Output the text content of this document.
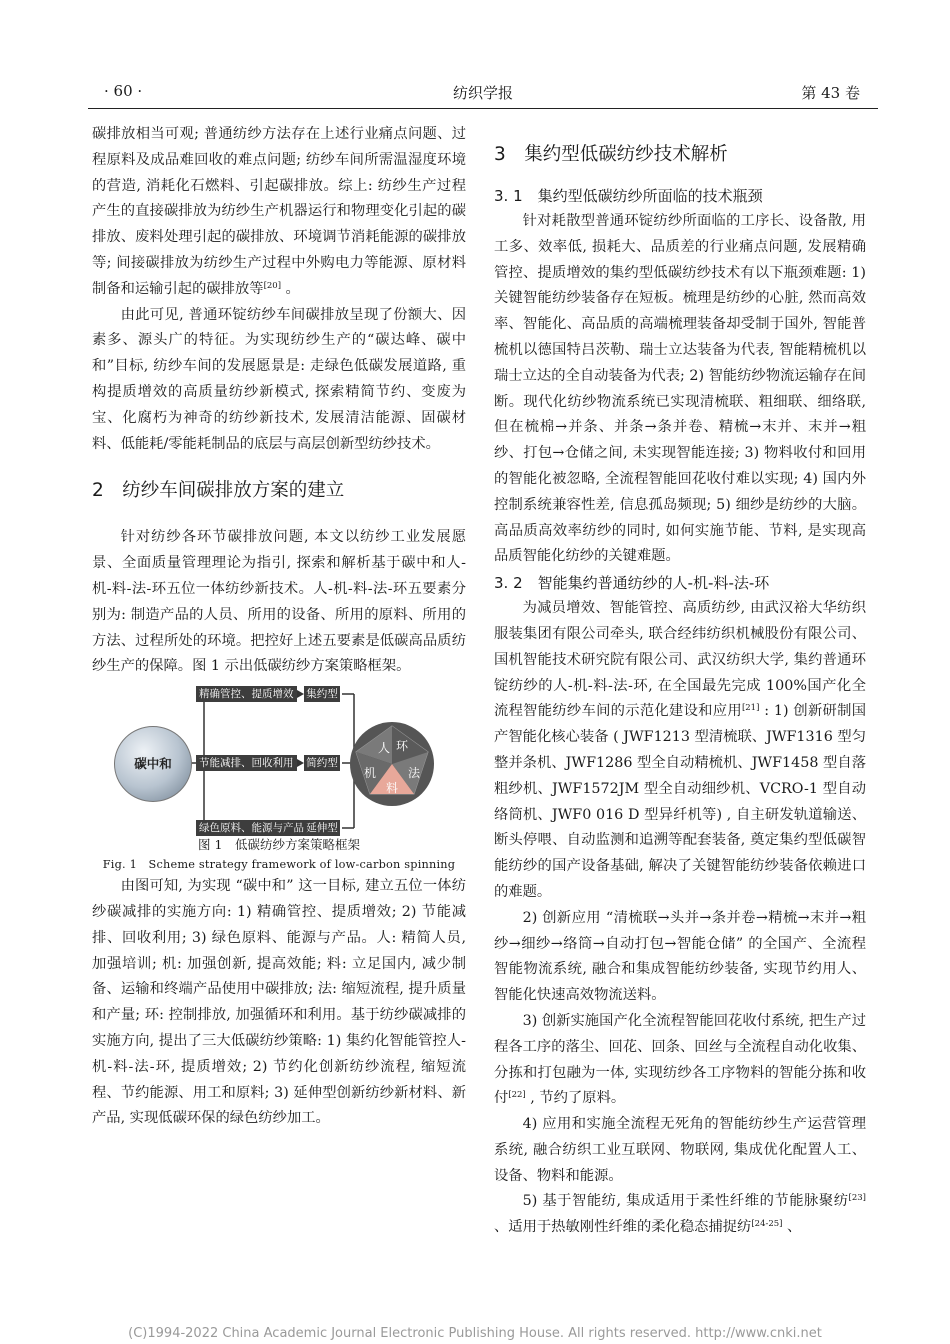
· 60 ·	纺织学报	第 43 卷

碳排放相当可观; 普通纺纱方法存在上述行业痛点问题、过程原料及成品难回收的难点问题; 纺纱车间所需温湿度环境的营造, 消耗化石燃料、引起碳排放。综上: 纺纱生产过程产生的直接碳排放为纺纱生产机器运行和物理变化引起的碳排放、废料处理引起的碳排放、环境调节消耗能源的碳排放等; 间接碳排放为纺纱生产过程中外购电力等能源、原材料制备和运输引起的碳排放等[20] 。

由此可见, 普通环锭纺纱车间碳排放呈现了份额大、因素多、源头广的特征。为实现纺纱生产的“碳达峰、碳中和”目标, 纺纱车间的发展愿景是: 走绿色低碳发展道路, 重构提质增效的高质量纺纱新模式, 探索精简节约、变废为宝、化腐朽为神奇的纺纱新技术, 发展清洁能源、固碳材料、低能耗/零能耗制品的底层与高层创新型纺纱技术。

2　纺纱车间碳排放方案的建立

针对纺纱各环节碳排放问题, 本文以纺纱工业发展愿景、全面质量管理理论为指引, 探索和解析基于碳中和人-机-料-法-环五位一体纺纱新技术。人-机-料-法-环五要素分别为: 制造产品的人员、所用的设备、所用的原料、所用的方法、过程所处的环境。把控好上述五要素是低碳高品质纺纱生产的保障。图 1 示出低碳纺纱方案策略框架。

人 环
机	法
料
碳中和
精确管控、提质增效
节能减排、回收利用
绿色原料、能源与产品
集约型
简约型
延伸型

图 1　低碳纺纱方案策略框架

Fig. 1　Scheme strategy framework of low-carbon spinning

由图可知, 为实现 “碳中和” 这一目标, 建立五位一体纺纱碳减排的实施方向: 1) 精确管控、提质增效; 2) 节能减排、回收利用; 3) 绿色原料、能源与产品。人: 精简人员, 加强培训; 机: 加强创新, 提高效能; 料: 立足国内, 减少制备、运输和终端产品使用中碳排放; 法: 缩短流程, 提升质量和产量; 环: 控制排放, 加强循环和利用。基于纺纱碳减排的实施方向, 提出了三大低碳纺纱策略: 1) 集约化智能管控人-机-料-法-环, 提质增效; 2) 节约化创新纺纱流程, 缩短流程、节约能源、用工和原料; 3) 延伸型创新纺纱新材料、新产品, 实现低碳环保的绿色纺纱加工。

3　集约型低碳纺纱技术解析
3. 1　集约型低碳纺纱所面临的技术瓶颈

针对耗散型普通环锭纺纱所面临的工序长、设备散, 用工多、效率低, 损耗大、品质差的行业痛点问题, 发展精确管控、提质增效的集约型低碳纺纱技术有以下瓶颈难题: 1) 关键智能纺纱装备存在短板。梳理是纺纱的心脏, 然而高效率、智能化、高品质的高端梳理装备却受制于国外, 智能普梳机以德国特吕茨勒、瑞士立达装备为代表, 智能精梳机以瑞士立达的全自动装备为代表; 2) 智能纺纱物流运输存在间断。现代化纺纱物流系统已实现清梳联、粗细联、细络联, 但在梳棉→并条、并条→条并卷、精梳→末并、末并→粗纱、打包→仓储之间, 未实现智能连接; 3) 物料收付和回用的智能化被忽略, 全流程智能回花收付难以实现; 4) 国内外控制系统兼容性差, 信息孤岛频现; 5) 细纱是纺纱的大脑。高品质高效率纺纱的同时, 如何实施节能、节料, 是实现高品质智能化纺纱的关键难题。

3. 2　智能集约普通纺纱的人-机-料-法-环

为减员增效、智能管控、高质纺纱, 由武汉裕大华纺织服装集团有限公司牵头, 联合经纬纺织机械股份有限公司、国机智能技术研究院有限公司、武汉纺织大学, 集约普通环锭纺纱的人-机-料-法-环, 在全国最先完成 100%国产化全流程智能纺纱车间的示范化建设和应用[21] : 1) 创新研制国产智能化核心装备 ( JWF1213 型清梳联、JWF1316 型匀整并条机、JWF1286 型全自动精梳机、JWF1458 型自落粗纱机、JWF1572JM 型全自动细纱机、VCRO-1 型自动络筒机、JWF0 016 D 型异纤机等) , 自主研发轨道输送、断头停喂、自动监测和追溯等配套装备, 奠定集约型低碳智能纺纱的国产设备基础, 解决了关键智能纺纱装备依赖进口的难题。

2) 创新应用 “清梳联→头并→条并卷→精梳→末并→粗纱→细纱→络筒→自动打包→智能仓储” 的全国产、全流程智能物流系统, 融合和集成智能纺纱装备, 实现节约用人、智能化快速高效物流送料。

3) 创新实施国产化全流程智能回花收付系统, 把生产过程各工序的落尘、回花、回条、回丝与全流程自动化收集、分拣和打包融为一体, 实现纺纱各工序物料的智能分拣和收付[22] , 节约了原料。

4) 应用和实施全流程无死角的智能纺纱生产运营管理系统, 融合纺织工业互联网、物联网, 集成优化配置人工、设备、物料和能源。

5) 基于智能纺, 集成适用于柔性纤维的节能脉聚纺[23] 、适用于热敏刚性纤维的柔化稳态捕捉纺[24-25] 、

(C)1994-2022 China Academic Journal Electronic Publishing House. All rights reserved. http://www.cnki.net
